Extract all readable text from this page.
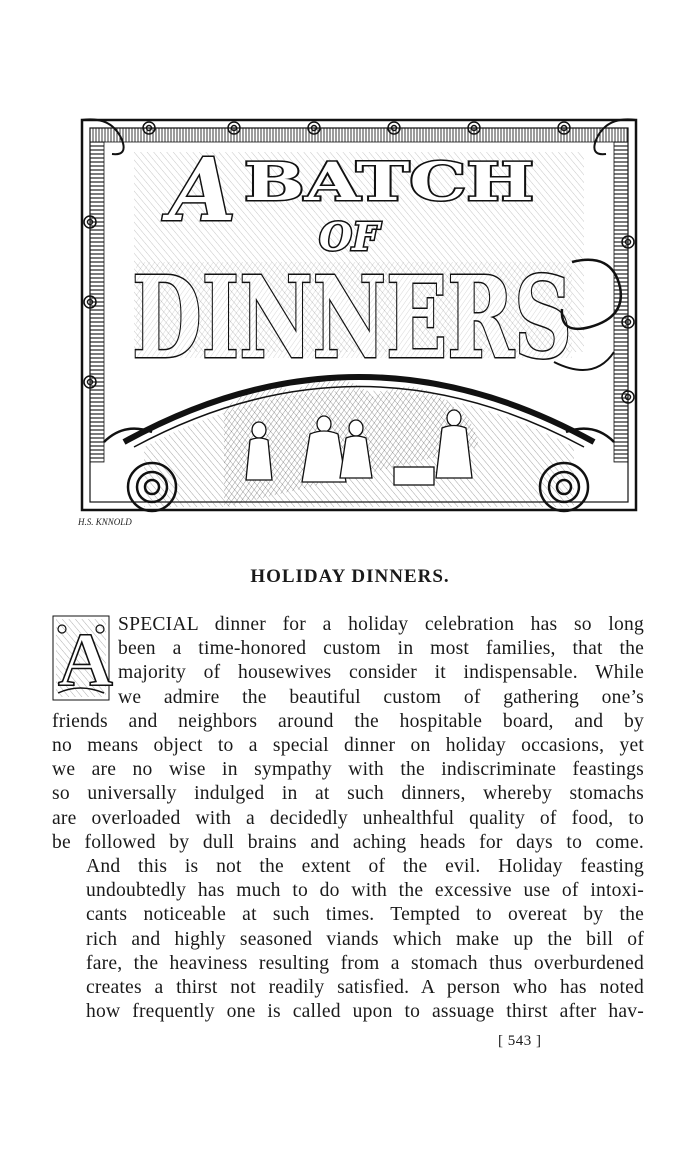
A BATCH
OF
DINNERS
H.S. KNNOLD
HOLIDAY DINNERS.

A SPECIAL dinner for a holiday celebration has so long
been a time-honored custom in most families, that the
majority of housewives consider it indispensable. While
we admire the beautiful custom of gathering one’s
friends and neighbors around the hospitable board, and by
no means object to a special dinner on holiday occasions, yet
we are no wise in sympathy with the indiscriminate feastings
so universally indulged in at such dinners, whereby stomachs
are overloaded with a decidedly unhealthful quality of food, to
be followed by dull brains and aching heads for days to come.

And this is not the extent of the evil. Holiday feasting
undoubtedly has much to do with the excessive use of intoxi-
cants noticeable at such times. Tempted to overeat by the
rich and highly seasoned viands which make up the bill of
fare, the heaviness resulting from a stomach thus overburdened
creates a thirst not readily satisfied. A person who has noted
how frequently one is called upon to assuage thirst after hav-

[ 543 ]
